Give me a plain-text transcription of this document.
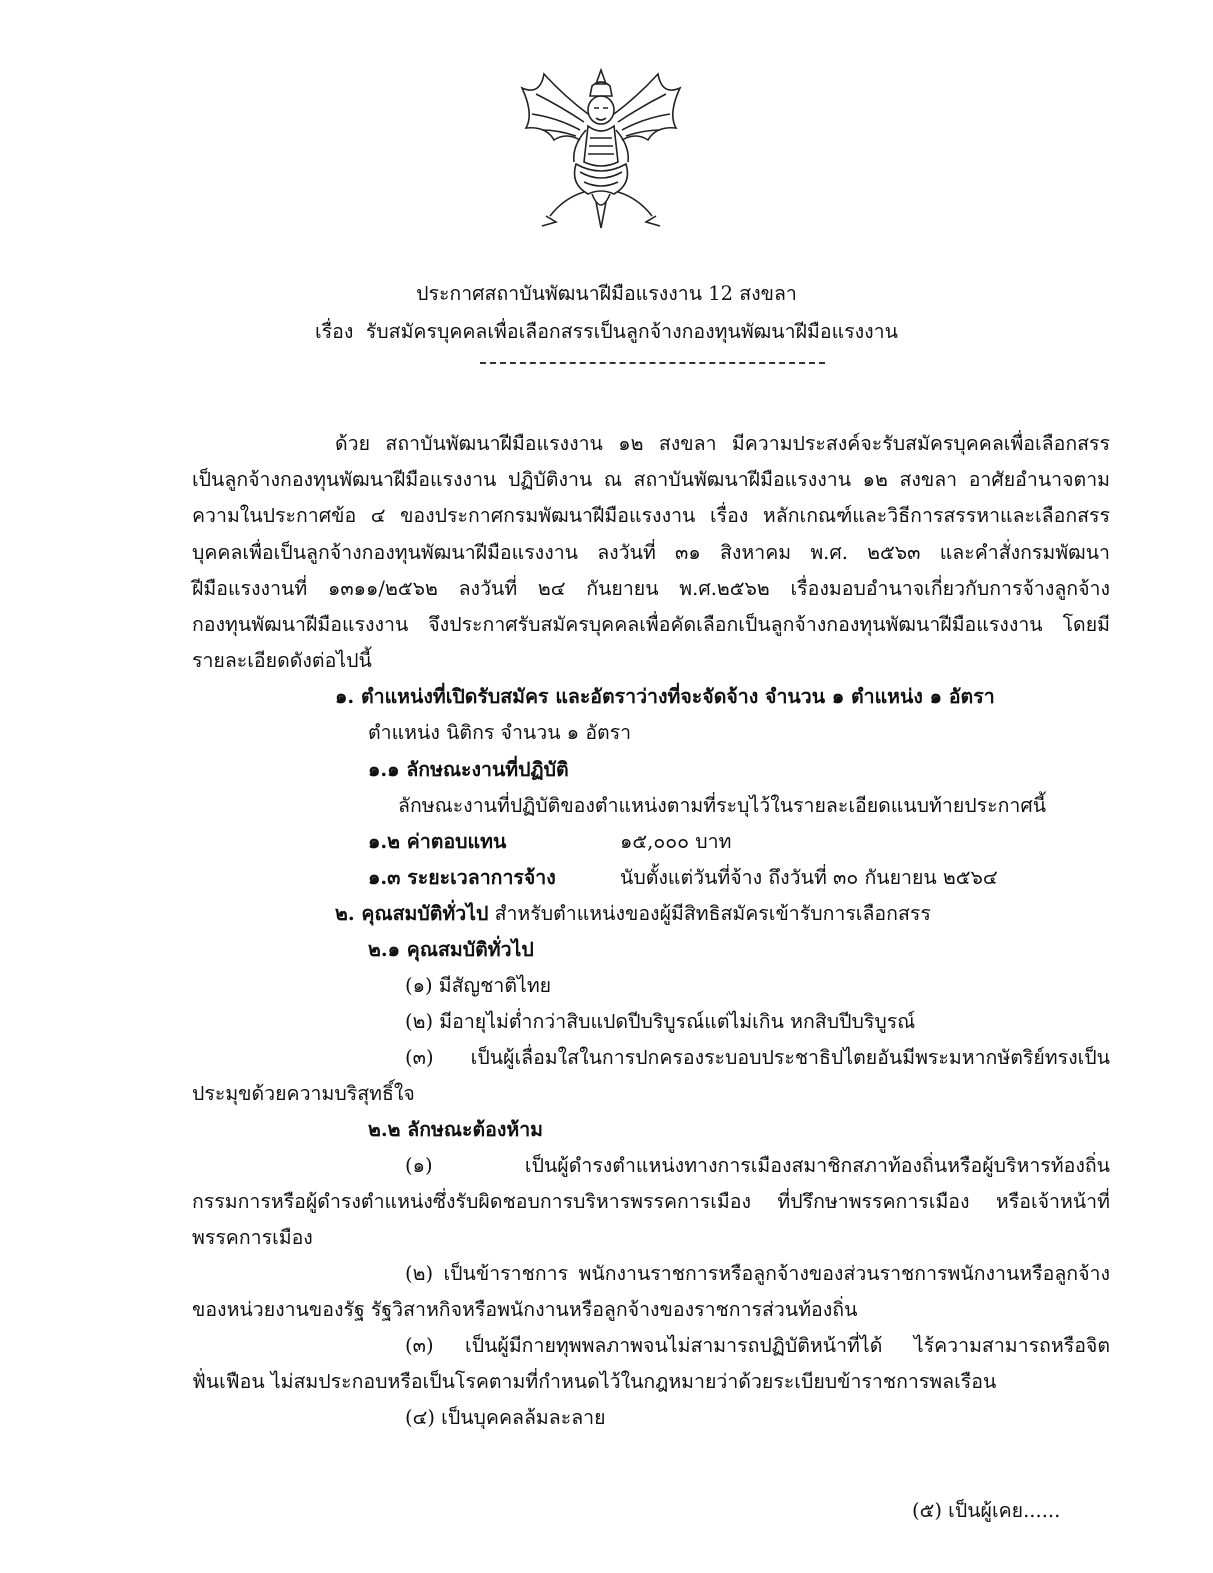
ประกาศสถาบันพัฒนาฝีมือแรงงาน 12 สงขลา
เรื่อง รับสมัครบุคคลเพื่อเลือกสรรเป็นลูกจ้างกองทุนพัฒนาฝีมือแรงงาน
ด้วย สถาบันพัฒนาฝีมือแรงงาน ๑๒ สงขลา มีความประสงค์จะรับสมัครบุคคลเพื่อเลือกสรร
เป็นลูกจ้างกองทุนพัฒนาฝีมือแรงงาน ปฏิบัติงาน ณ สถาบันพัฒนาฝีมือแรงงาน ๑๒ สงขลา อาศัยอำนาจตาม
ความในประกาศข้อ ๔ ของประกาศกรมพัฒนาฝีมือแรงงาน เรื่อง หลักเกณฑ์และวิธีการสรรหาและเลือกสรร
บุคคลเพื่อเป็นลูกจ้างกองทุนพัฒนาฝีมือแรงงาน ลงวันที่ ๓๑ สิงหาคม พ.ศ. ๒๕๖๓ และคำสั่งกรมพัฒนา
ฝีมือแรงงานที่ ๑๓๑๑/๒๕๖๒ ลงวันที่ ๒๔ กันยายน พ.ศ.๒๕๖๒ เรื่องมอบอำนาจเกี่ยวกับการจ้างลูกจ้าง
กองทุนพัฒนาฝีมือแรงงาน จึงประกาศรับสมัครบุคคลเพื่อคัดเลือกเป็นลูกจ้างกองทุนพัฒนาฝีมือแรงงาน โดยมี
รายละเอียดดังต่อไปนี้
๑. ตำแหน่งที่เปิดรับสมัคร และอัตราว่างที่จะจัดจ้าง จำนวน ๑ ตำแหน่ง ๑ อัตรา
ตำแหน่ง นิติกร จำนวน ๑ อัตรา
๑.๑ ลักษณะงานที่ปฏิบัติ
ลักษณะงานที่ปฏิบัติของตำแหน่งตามที่ระบุไว้ในรายละเอียดแนบท้ายประกาศนี้
๑.๒ ค่าตอบแทน	๑๕,๐๐๐ บาท
๑.๓ ระยะเวลาการจ้าง	นับตั้งแต่วันที่จ้าง ถึงวันที่ ๓๐ กันยายน ๒๕๖๔
๒. คุณสมบัติทั่วไป สำหรับตำแหน่งของผู้มีสิทธิสมัครเข้ารับการเลือกสรร
๒.๑ คุณสมบัติทั่วไป
(๑) มีสัญชาติไทย
(๒) มีอายุไม่ต่ำกว่าสิบแปดปีบริบูรณ์แต่ไม่เกิน หกสิบปีบริบูรณ์
(๓) เป็นผู้เลื่อมใสในการปกครองระบอบประชาธิปไตยอันมีพระมหากษัตริย์ทรงเป็น
ประมุขด้วยความบริสุทธิ์ใจ
๒.๒ ลักษณะต้องห้าม
(๑) เป็นผู้ดำรงตำแหน่งทางการเมืองสมาชิกสภาท้องถิ่นหรือผู้บริหารท้องถิ่น
กรรมการหรือผู้ดำรงตำแหน่งซึ่งรับผิดชอบการบริหารพรรคการเมือง ที่ปรึกษาพรรคการเมือง หรือเจ้าหน้าที่
พรรคการเมือง
(๒) เป็นข้าราชการ พนักงานราชการหรือลูกจ้างของส่วนราชการพนักงานหรือลูกจ้าง
ของหน่วยงานของรัฐ รัฐวิสาหกิจหรือพนักงานหรือลูกจ้างของราชการส่วนท้องถิ่น
(๓) เป็นผู้มีกายทุพพลภาพจนไม่สามารถปฏิบัติหน้าที่ได้ ไร้ความสามารถหรือจิต
ฟั่นเฟือน ไม่สมประกอบหรือเป็นโรคตามที่กำหนดไว้ในกฎหมายว่าด้วยระเบียบข้าราชการพลเรือน
(๔) เป็นบุคคลล้มละลาย
(๕) เป็นผู้เคย......
